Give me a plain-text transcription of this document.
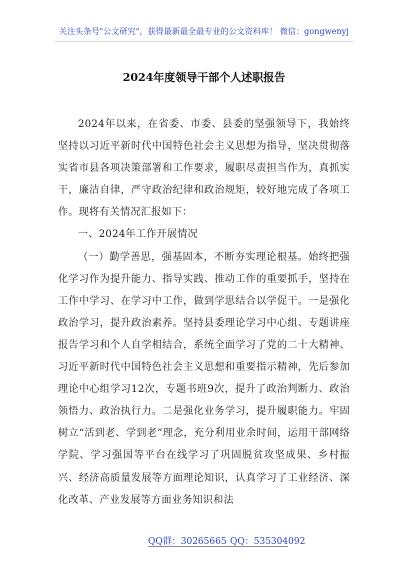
关注头条号"公文研究"，获得最新最全最专业的公文资料库！ 微信：gongwenyj
2024年度领导干部个人述职报告

2024年以来，在省委、市委、县委的坚强领导下，我始终坚持以习近平新时代中国特色社会主义思想为指导，坚决贯彻落实省市县各项决策部署和工作要求，履职尽责担当作为，真抓实干，廉洁自律，严守政治纪律和政治规矩，较好地完成了各项工作。现将有关情况汇报如下：

一、2024年工作开展情况

（一）勤学善思，强基固本，不断夯实理论根基。始终把强化学习作为提升能力、指导实践、推动工作的重要抓手，坚持在工作中学习、在学习中工作，做到学思结合以学促干。一是强化政治学习，提升政治素养。坚持县委理论学习中心组、专题讲座报告学习和个人自学相结合，系统全面学习了党的二十大精神、习近平新时代中国特色社会主义思想和重要指示精神，先后参加理论中心组学习12次，专题书班9次，提升了政治判断力、政治领悟力、政治执行力。二是强化业务学习，提升履职能力。牢固树立“活到老、学到老”理念，充分利用业余时间，运用干部网络学院、学习强国等平台在线学习了巩固脱贫攻坚成果、乡村振兴、经济高质量发展等方面理论知识，认真学习了工业经济、深化改革、产业发展等方面业务知识和法

QQ群：30265665 QQ：535304092
